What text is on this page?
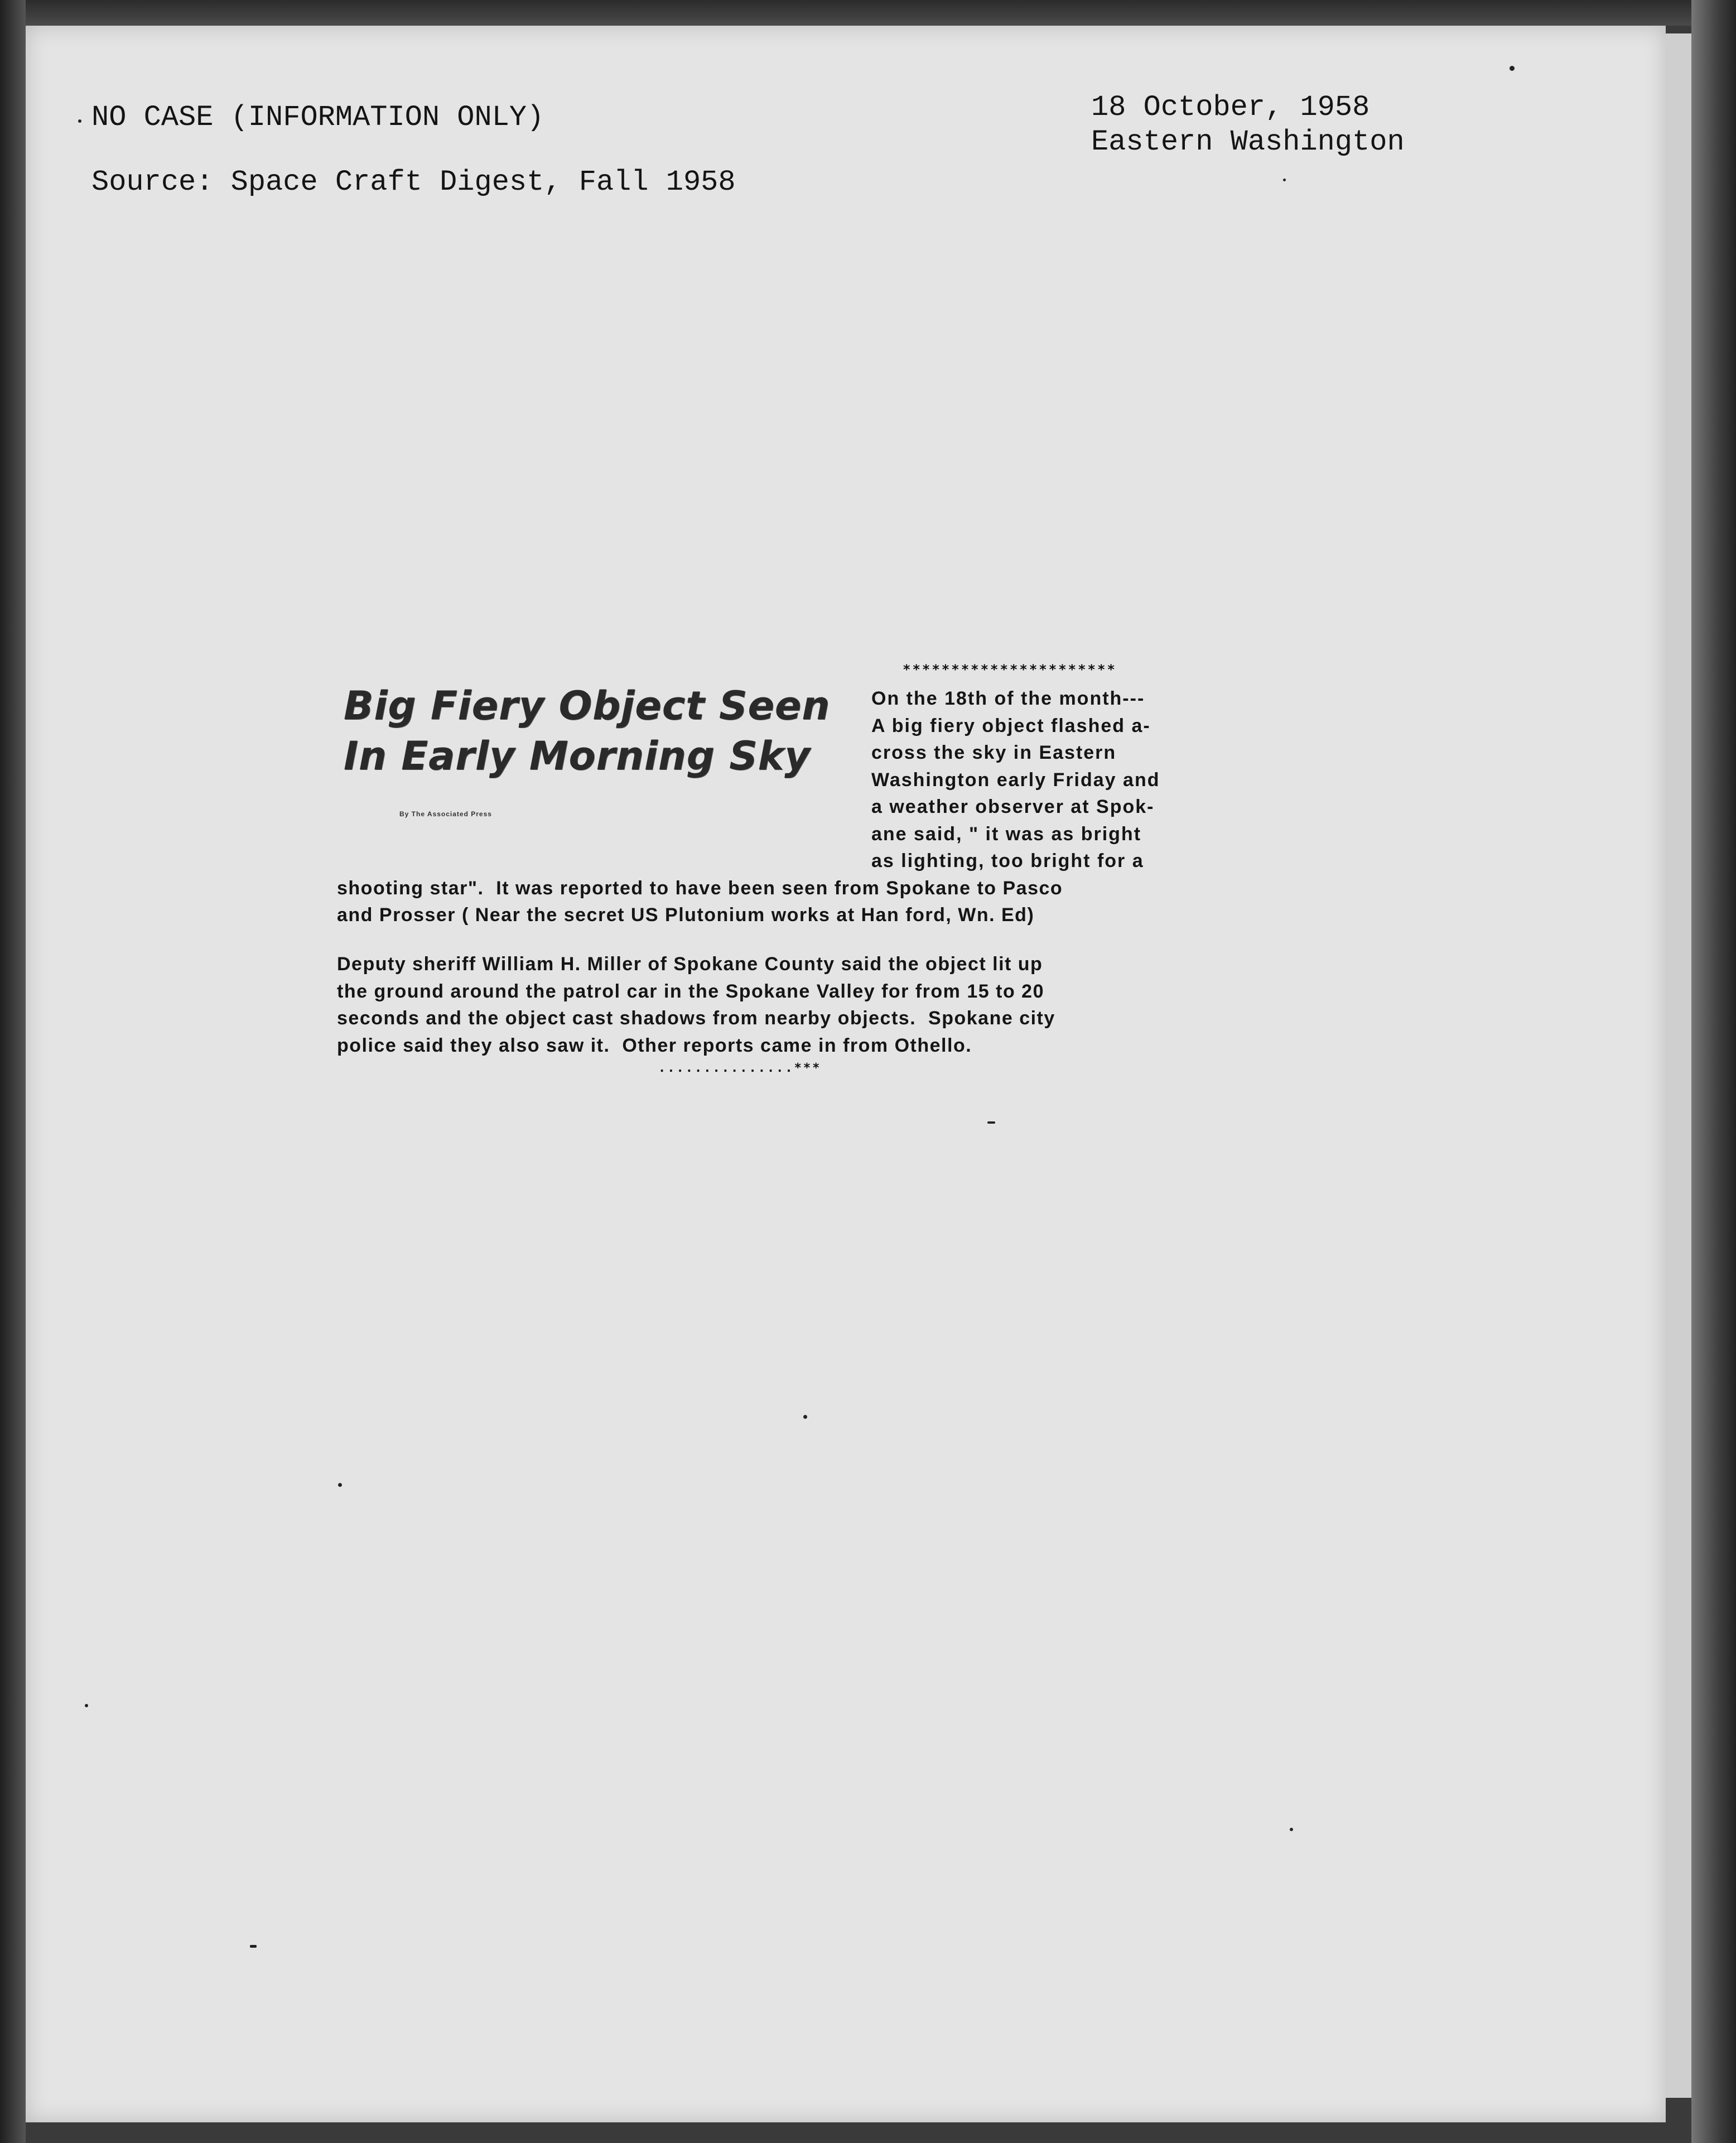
NO CASE (INFORMATION ONLY)
Source: Space Craft Digest, Fall 1958
18 October, 1958
Eastern Washington
Big Fiery Object Seen
In Early Morning Sky
By The Associated Press
**********************
On the 18th of the month---
A big fiery object flashed a-
cross the sky in Eastern
Washington early Friday and
a weather observer at Spok-
ane said, " it was as bright
as lighting, too bright for a
shooting star".  It was reported to have been seen from Spokane to Pasco
and Prosser ( Near the secret US Plutonium works at Han ford, Wn. Ed)
Deputy sheriff William H. Miller of Spokane County said the object lit up
the ground around the patrol car in the Spokane Valley for from 15 to 20
seconds and the object cast shadows from nearby objects.  Spokane city
police said they also saw it.  Other reports came in from Othello.
...............***
